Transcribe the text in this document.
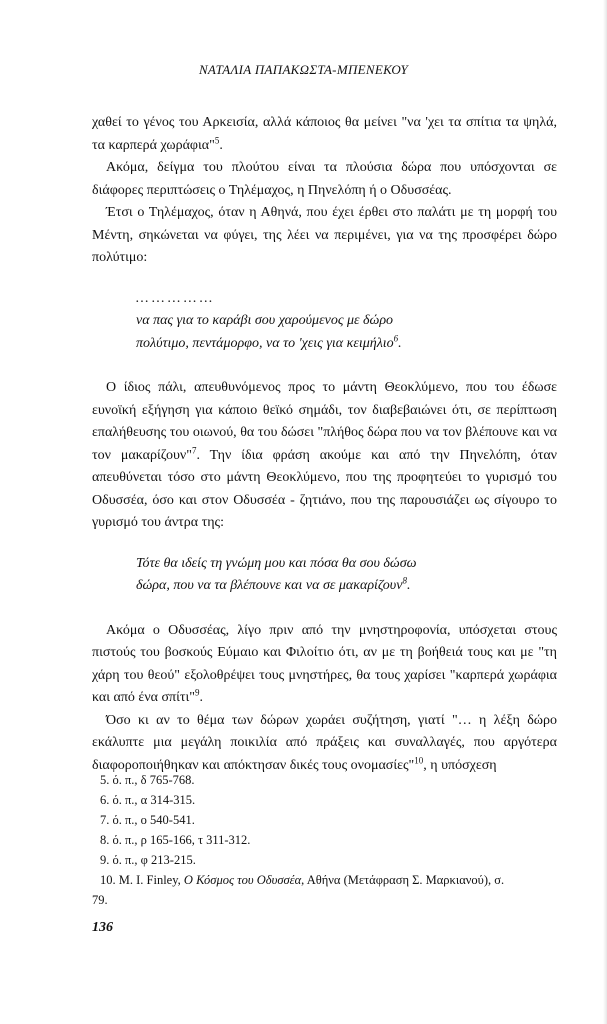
ΝΑΤΑΛΙΑ ΠΑΠΑΚΩΣΤΑ-ΜΠΕΝΕΚΟΥ

χαθεί το γένος του Αρκεισία, αλλά κάποιος θα μείνει "να 'χει τα σπίτια τα ψηλά, τα καρπερά χωράφια"$^5$.

Ακόμα, δείγμα του πλούτου είναι τα πλούσια δώρα που υπόσχονται σε διάφορες περιπτώσεις ο Τηλέμαχος, η Πηνελόπη ή ο Οδυσσέας.

Έτσι ο Τηλέμαχος, όταν η Αθηνά, που έχει έρθει στο παλάτι με τη μορφή του Μέντη, σηκώνεται να φύγει, της λέει να περιμένει, για να της προσφέρει δώρο πολύτιμο:

… … … … …
να πας για το καράβι σου χαρούμενος με δώρο
πολύτιμο, πεντάμορφο, να το 'χεις για κειμήλιο$^6$.

Ο ίδιος πάλι, απευθυνόμενος προς το μάντη Θεοκλύμενο, που του έδωσε ευνοϊκή εξήγηση για κάποιο θεϊκό σημάδι, τον διαβεβαιώνει ότι, σε περίπτωση επαλήθευσης του οιωνού, θα του δώσει "πλήθος δώρα που να τον βλέπουνε και να τον μακαρίζουν"$^7$. Την ίδια φράση ακούμε και από την Πηνελόπη, όταν απευθύνεται τόσο στο μάντη Θεοκλύμενο, που της προφητεύει το γυρισμό του Οδυσσέα, όσο και στον Οδυσσέα - ζητιάνο, που της παρουσιάζει ως σίγουρο το γυρισμό του άντρα της:

Τότε θα ιδείς τη γνώμη μου και πόσα θα σου δώσω
δώρα, που να τα βλέπουνε και να σε μακαρίζουν$^8$.

Ακόμα ο Οδυσσέας, λίγο πριν από την μνηστηροφονία, υπόσχεται στους πιστούς του βοσκούς Εύμαιο και Φιλοίτιο ότι, αν με τη βοήθειά τους και με "τη χάρη του θεού" εξολοθρέψει τους μνηστήρες, θα τους χαρίσει "καρπερά χωράφια και από ένα σπίτι"$^9$.

Όσο κι αν το θέμα των δώρων χωράει συζήτηση, γιατί "… η λέξη δώρο εκάλυπτε μια μεγάλη ποικιλία από πράξεις και συναλλαγές, που αργότερα διαφοροποιήθηκαν και απόκτησαν δικές τους ονομασίες"$^{10}$, η υπόσχεση

5. ό. π., δ 765-768.
6. ό. π., α 314-315.
7. ό. π., ο 540-541.
8. ό. π., ρ 165-166, τ 311-312.
9. ό. π., φ 213-215.
10. M. I. Finley, Ο Κόσμος του Οδυσσέα, Αθήνα (Μετάφραση Σ. Μαρκιανού), σ.
79.
136
